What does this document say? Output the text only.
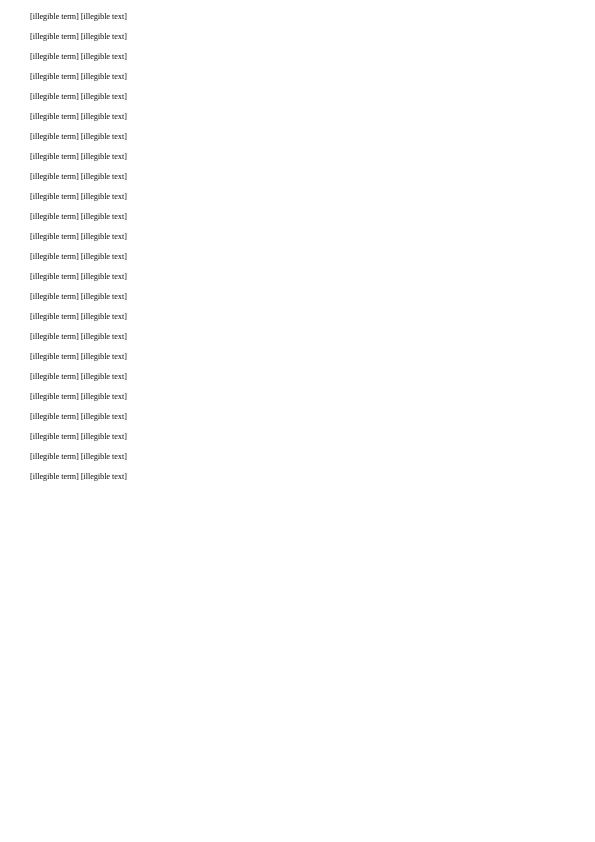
[illegible term] [illegible text]

[illegible term] [illegible text]

[illegible term] [illegible text]

[illegible term] [illegible text]

[illegible term] [illegible text]

[illegible term] [illegible text]

[illegible term] [illegible text]

[illegible term] [illegible text]

[illegible term] [illegible text]

[illegible term] [illegible text]

[illegible term] [illegible text]

[illegible term] [illegible text]

[illegible term] [illegible text]

[illegible term] [illegible text]

[illegible term] [illegible text]

[illegible term] [illegible text]

[illegible term] [illegible text]

[illegible term] [illegible text]

[illegible term] [illegible text]

[illegible term] [illegible text]

[illegible term] [illegible text]

[illegible term] [illegible text]

[illegible term] [illegible text]

[illegible term] [illegible text]
